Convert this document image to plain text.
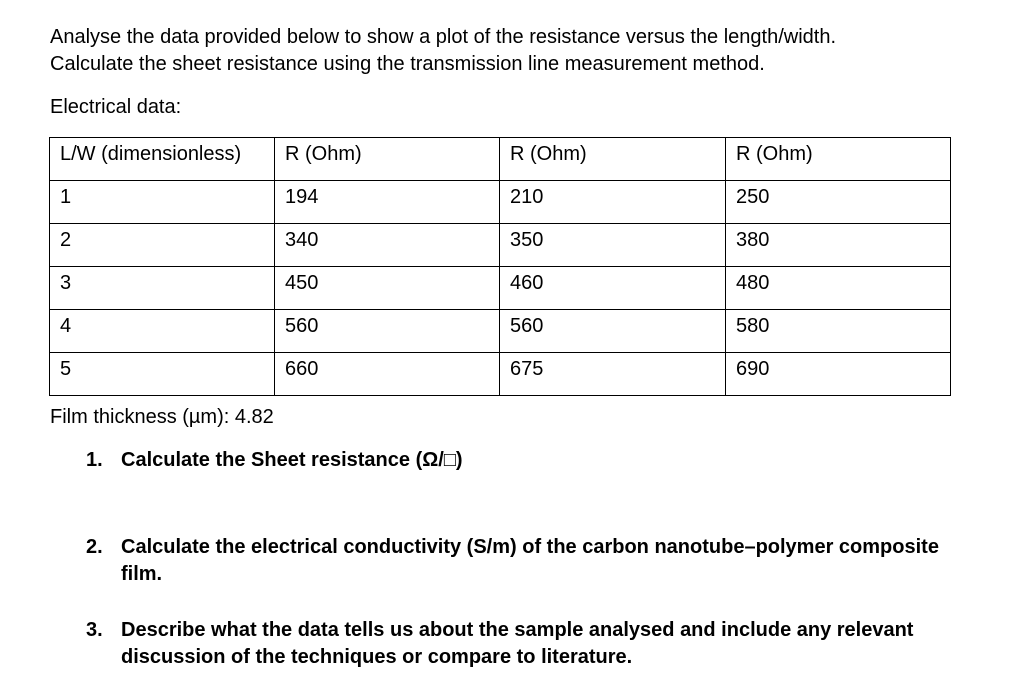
Analyse the data provided below to show a plot of the resistance versus the length/width.

Calculate the sheet resistance using the transmission line measurement method.

Electrical data:

L/W (dimensionless)	R (Ohm)	R (Ohm)	R (Ohm)
1	194	210	250
2	340	350	380
3	450	460	480
4	560	560	580
5	660	675	690

Film thickness (µm): 4.82

1. Calculate the Sheet resistance (Ω/□)
2. Calculate the electrical conductivity (S/m) of the carbon nanotube–polymer composite film.
3. Describe what the data tells us about the sample analysed and include any relevant discussion of the techniques or compare to literature.
